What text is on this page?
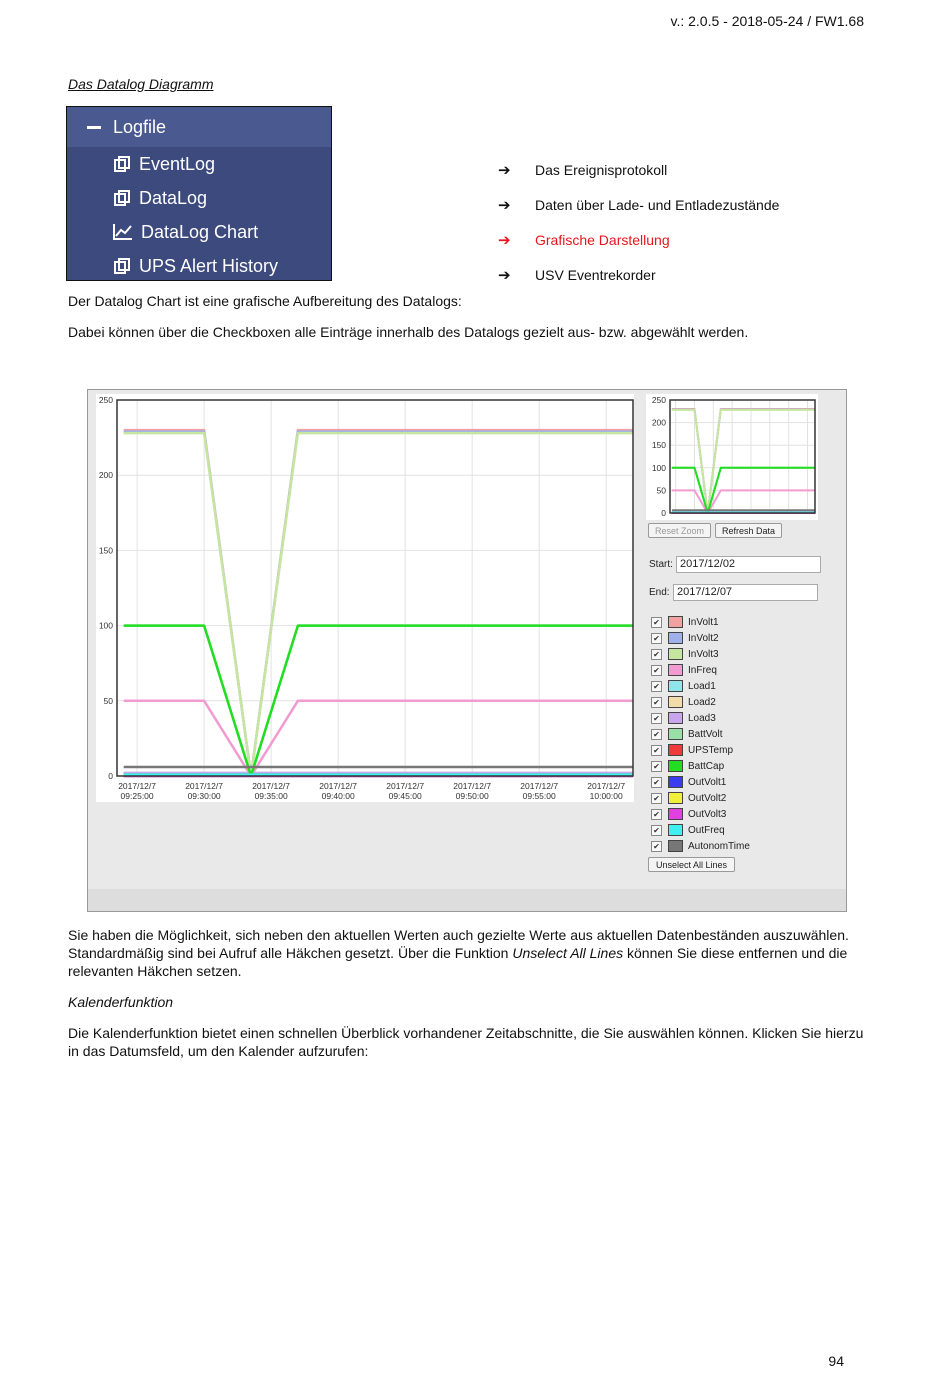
v.: 2.0.5 - 2018-05-24 / FW1.68
Das Datalog Diagramm
Logfile
EventLog
DataLog
DataLog Chart
UPS Alert History
➔	Das Ereignisprotokoll
➔	Daten über Lade- und Entladezustände
➔	Grafische Darstellung
➔	USV Eventrekorder
Der Datalog Chart ist eine grafische Aufbereitung des Datalogs:
Dabei können über die Checkboxen alle Einträge innerhalb des Datalogs gezielt aus- bzw. abgewählt werden.
2017/12/7
09:25:00
2017/12/7
09:30:00
2017/12/7
09:35:00
2017/12/7
09:40:00
2017/12/7
09:45:00
2017/12/7
09:50:00
2017/12/7
09:55:00
2017/12/7
10:00:00
0
50
100
150
200
250
0
50
100
150
200
250
Reset Zoom	Refresh Data
Start: 2017/12/02
End: 2017/12/07
✔	InVolt1
✔	InVolt2
✔	InVolt3
✔	InFreq
✔	Load1
✔	Load2
✔	Load3
✔	BattVolt
✔	UPSTemp
✔	BattCap
✔	OutVolt1
✔	OutVolt2
✔	OutVolt3
✔	OutFreq
✔	AutonomTime
Unselect All Lines
Sie haben die Möglichkeit, sich neben den aktuellen Werten auch gezielte Werte aus aktuellen Datenbeständen auszuwählen. Standardmäßig sind bei Aufruf alle Häkchen gesetzt. Über die Funktion Unselect All Lines können Sie diese entfernen und die relevanten Häkchen setzen.
Kalenderfunktion
Die Kalenderfunktion bietet einen schnellen Überblick vorhandener Zeitabschnitte, die Sie auswählen können. Klicken Sie hierzu in das Datumsfeld, um den Kalender aufzurufen:
94
